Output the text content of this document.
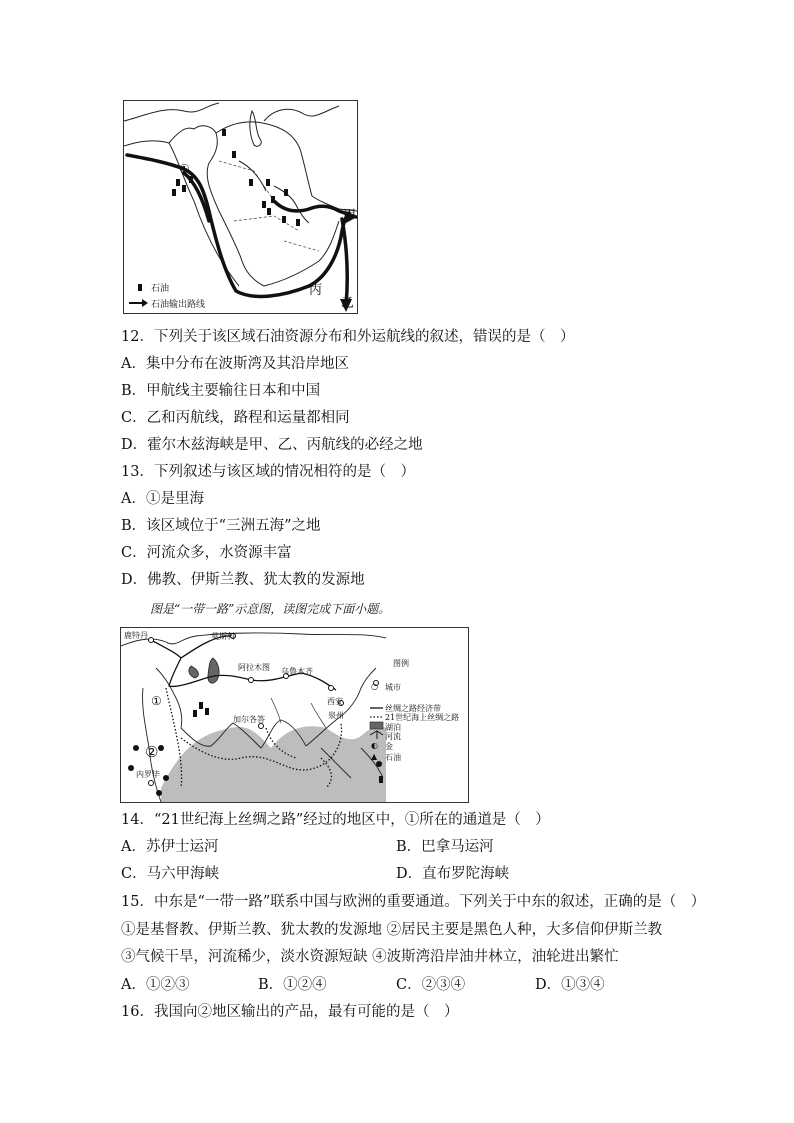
①
甲
乙
丙
石油
石油输出路线
12．下列关于该区域石油资源分布和外运航线的叙述，错误的是（　）
A．集中分布在波斯湾及其沿岸地区
B．甲航线主要输往日本和中国
C．乙和丙航线，路程和运量都相同
D．霍尔木兹海峡是甲、乙、丙航线的必经之地
13．下列叙述与该区域的情况相符的是（　）
A．①是里海
B．该区域位于“三洲五海”之地
C．河流众多，水资源丰富
D．佛教、伊斯兰教、犹太教的发源地
图是“一带一路”示意图，读图完成下面小题。
鹿特丹	莫斯科
阿拉木图 乌鲁木齐
西安
泉州
加尔各答
内罗毕
①
②
图例
○ 城市
丝绸之路经济带
21世纪海上丝绸之路
湖泊
河流
◐ 金
▲ 石油
14．“21世纪海上丝绸之路”经过的地区中，①所在的通道是（　）
A．苏伊士运河	B．巴拿马运河
C．马六甲海峡	D．直布罗陀海峡
15．中东是“一带一路”联系中国与欧洲的重要通道。下列关于中东的叙述，正确的是（　）
①是基督教、伊斯兰教、犹太教的发源地 ②居民主要是黑色人种，大多信仰伊斯兰教
③气候干旱，河流稀少，淡水资源短缺 ④波斯湾沿岸油井林立，油轮进出繁忙
A．①②③	B．①②④	C．②③④	D．①③④
16．我国向②地区输出的产品，最有可能的是（　）
